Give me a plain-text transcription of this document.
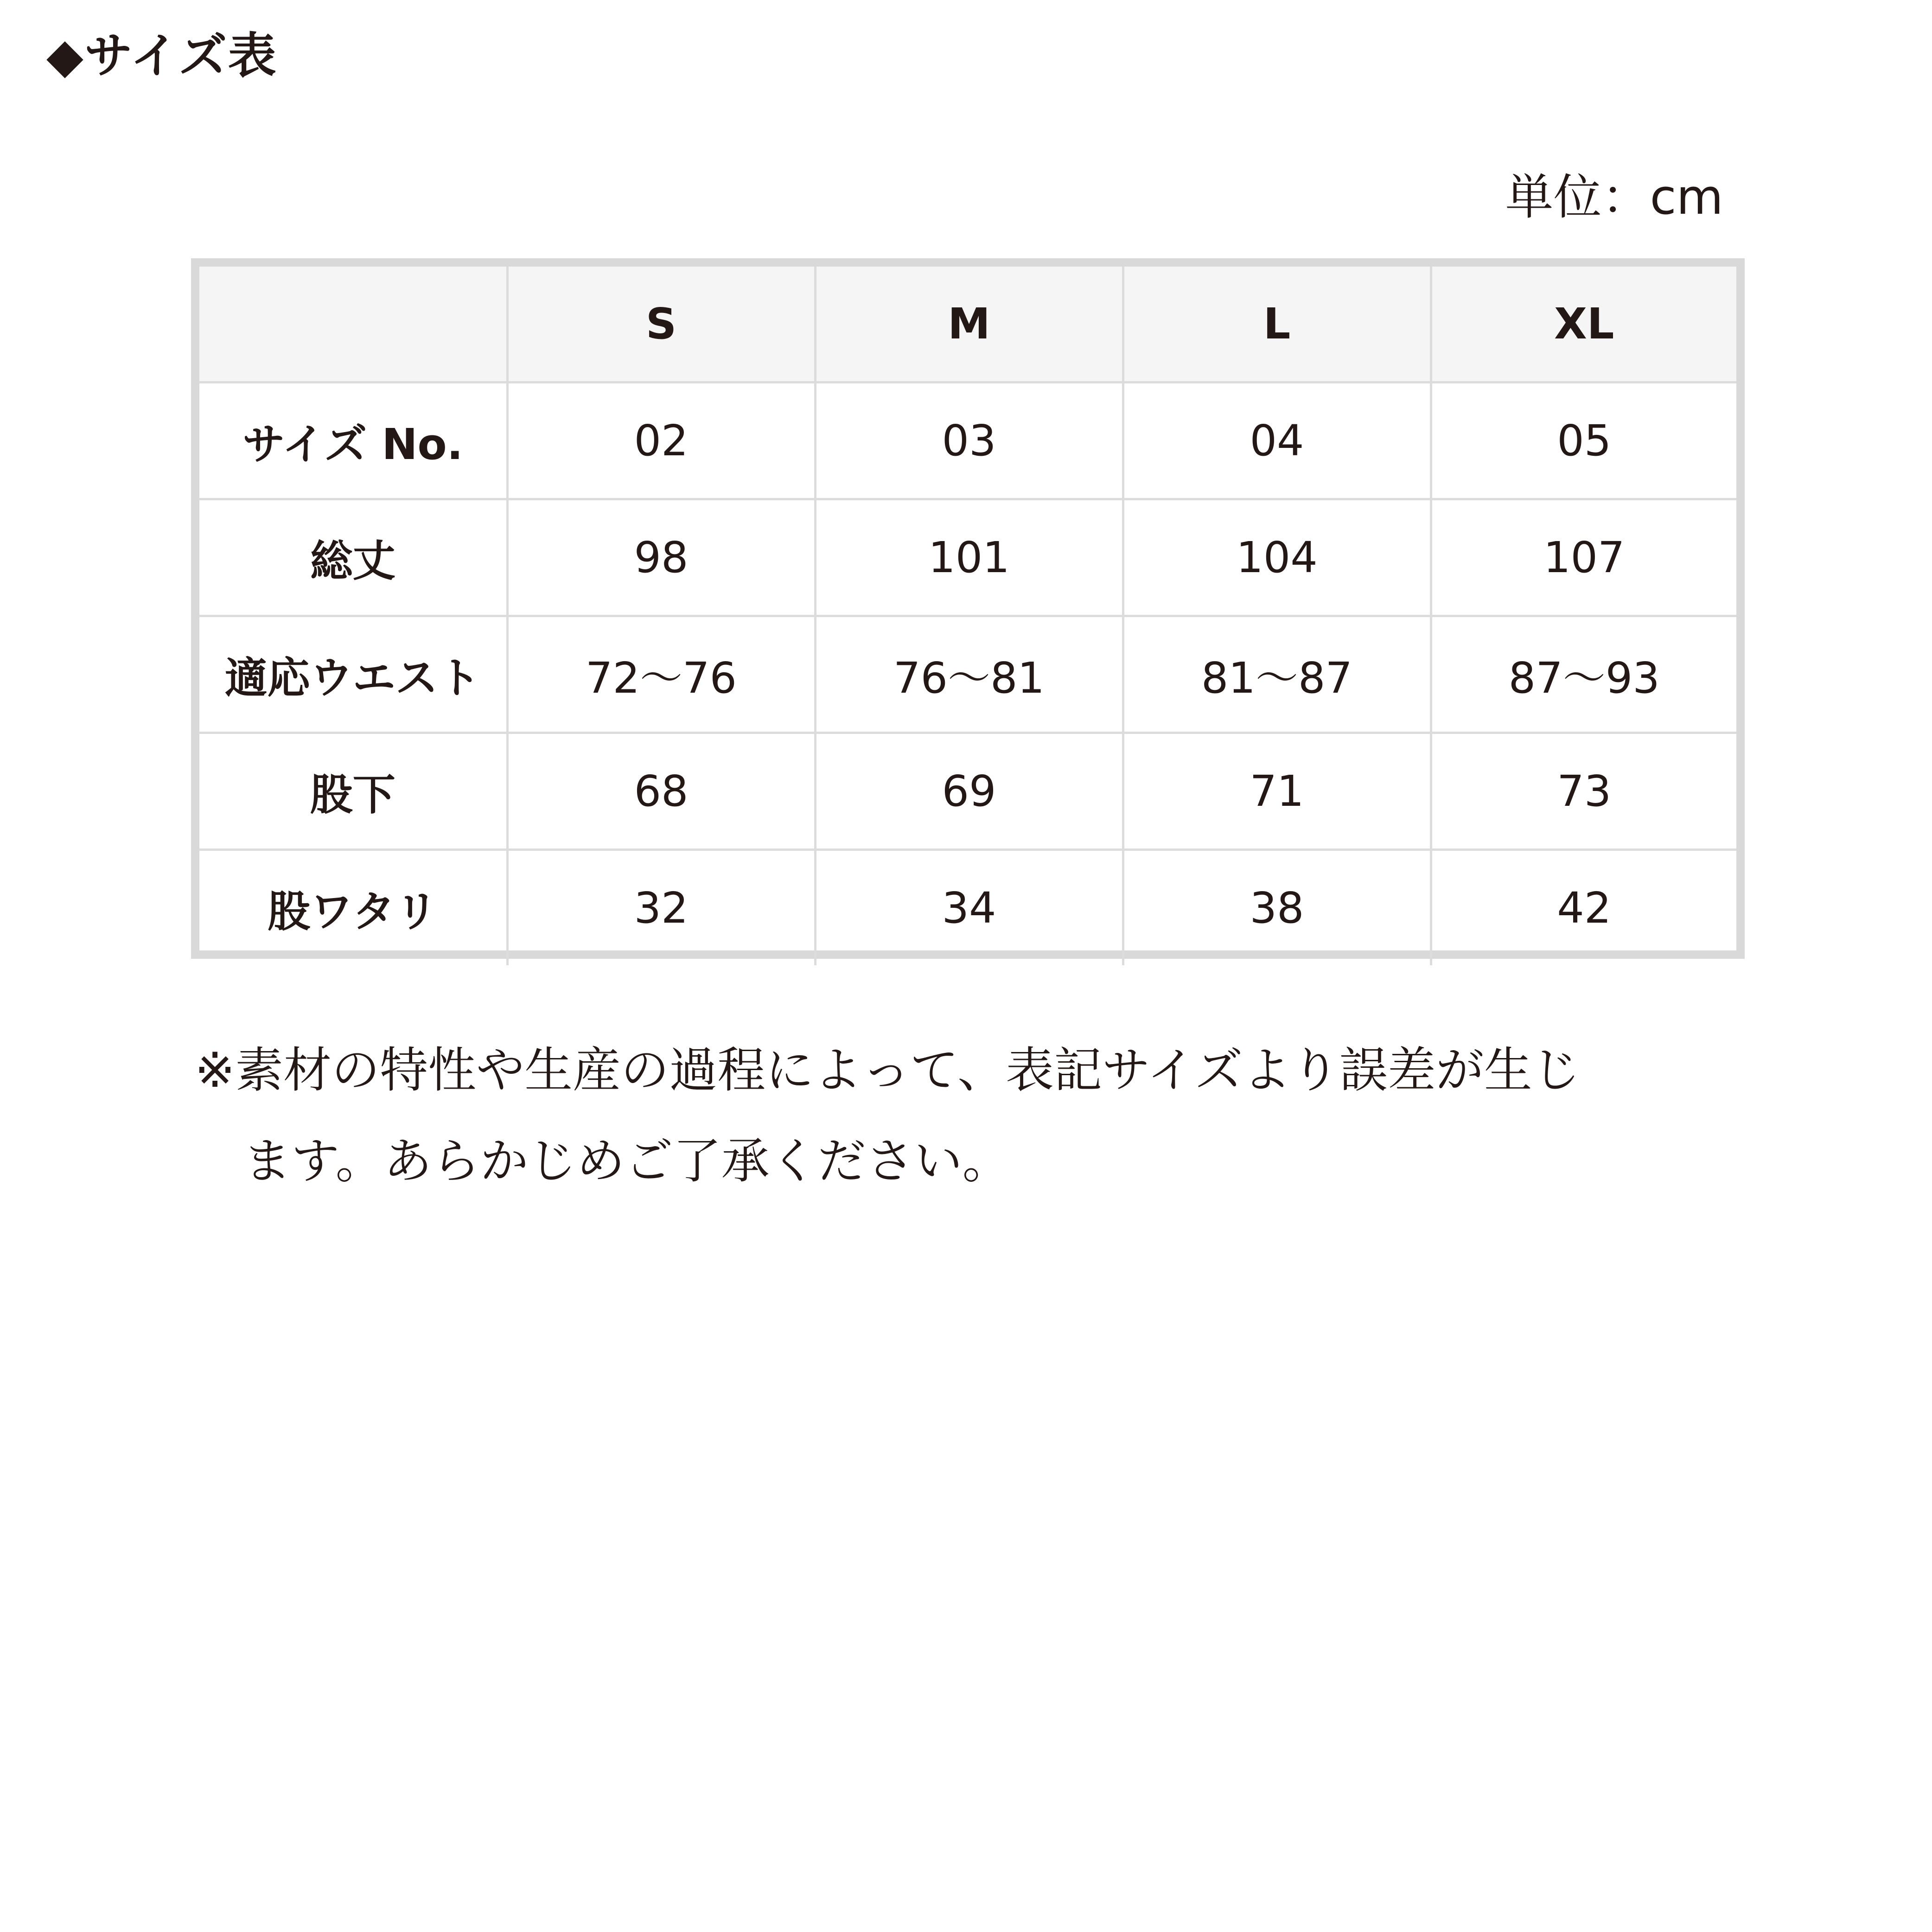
◆サイズ表
単位：cm
	S	M	L	XL
サイズ No.	02	03	04	05
総丈	98	101	104	107
適応ウエスト	72〜76	76〜81	81〜87	87〜93
股下	68	69	71	73
股ワタリ	32	34	38	42
※素材の特性や生産の過程によって、表記サイズより誤差が生じ
ます。あらかじめご了承ください。
